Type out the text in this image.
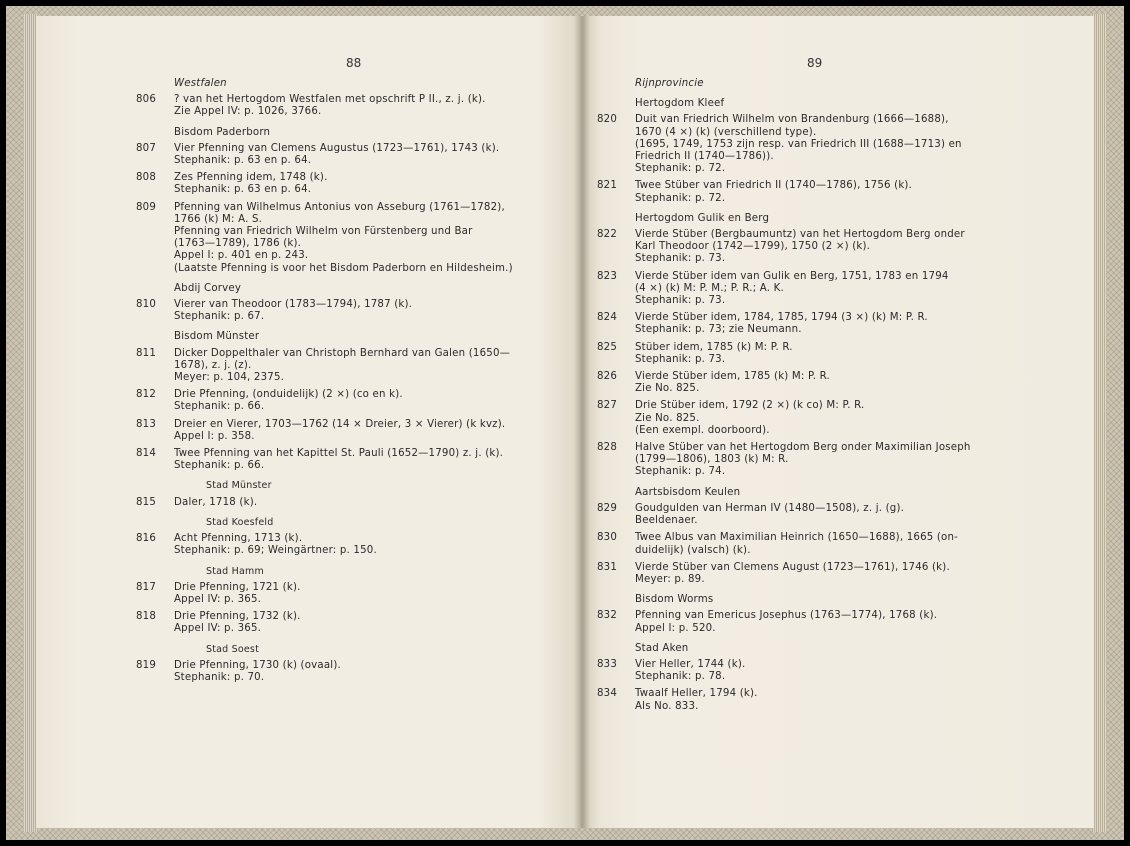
88	89
Westfalen
806	? van het Hertogdom Westfalen met opschrift P II., z. j. (k).
Zie Appel IV: p. 1026, 3766.
Bisdom Paderborn
807	Vier Pfenning van Clemens Augustus (1723—1761), 1743 (k).
Stephanik: p. 63 en p. 64.
808	Zes Pfenning idem, 1748 (k).
Stephanik: p. 63 en p. 64.
809	Pfenning van Wilhelmus Antonius von Asseburg (1761—1782),
1766 (k) M: A. S.
Pfenning van Friedrich Wilhelm von Fürstenberg und Bar
(1763—1789), 1786 (k).
Appel I: p. 401 en p. 243.
(Laatste Pfenning is voor het Bisdom Paderborn en Hildesheim.)
Abdij Corvey
810	Vierer van Theodoor (1783—1794), 1787 (k).
Stephanik: p. 67.
Bisdom Münster
811	Dicker Doppelthaler van Christoph Bernhard van Galen (1650—
1678), z. j. (z).
Meyer: p. 104, 2375.
812	Drie Pfenning, (onduidelijk) (2 ×) (co en k).
Stephanik: p. 66.
813	Dreier en Vierer, 1703—1762 (14 × Dreier, 3 × Vierer) (k kvz).
Appel I: p. 358.
814	Twee Pfenning van het Kapittel St. Pauli (1652—1790) z. j. (k).
Stephanik: p. 66.
Stad Münster
815	Daler, 1718 (k).
Stad Koesfeld
816	Acht Pfenning, 1713 (k).
Stephanik: p. 69; Weingärtner: p. 150.
Stad Hamm
817	Drie Pfenning, 1721 (k).
Appel IV: p. 365.
818	Drie Pfenning, 1732 (k).
Appel IV: p. 365.
Stad Soest
819	Drie Pfenning, 1730 (k) (ovaal).
Stephanik: p. 70.
Rijnprovincie
Hertogdom Kleef
820	Duit van Friedrich Wilhelm von Brandenburg (1666—1688),
1670 (4 ×) (k) (verschillend type).
(1695, 1749, 1753 zijn resp. van Friedrich III (1688—1713) en
Friedrich II (1740—1786)).
Stephanik: p. 72.
821	Twee Stüber van Friedrich II (1740—1786), 1756 (k).
Stephanik: p. 72.
Hertogdom Gulik en Berg
822	Vierde Stüber (Bergbaumuntz) van het Hertogdom Berg onder
Karl Theodoor (1742—1799), 1750 (2 ×) (k).
Stephanik: p. 73.
823	Vierde Stüber idem van Gulik en Berg, 1751, 1783 en 1794
(4 ×) (k) M: P. M.; P. R.; A. K.
Stephanik: p. 73.
824	Vierde Stüber idem, 1784, 1785, 1794 (3 ×) (k) M: P. R.
Stephanik: p. 73; zie Neumann.
825	Stüber idem, 1785 (k) M: P. R.
Stephanik: p. 73.
826	Vierde Stüber idem, 1785 (k) M: P. R.
Zie No. 825.
827	Drie Stüber idem, 1792 (2 ×) (k co) M: P. R.
Zie No. 825.
(Een exempl. doorboord).
828	Halve Stüber van het Hertogdom Berg onder Maximilian Joseph
(1799—1806), 1803 (k) M: R.
Stephanik: p. 74.
Aartsbisdom Keulen
829	Goudgulden van Herman IV (1480—1508), z. j. (g).
Beeldenaer.
830	Twee Albus van Maximilian Heinrich (1650—1688), 1665 (on-
duidelijk) (valsch) (k).
831	Vierde Stüber van Clemens August (1723—1761), 1746 (k).
Meyer: p. 89.
Bisdom Worms
832	Pfenning van Emericus Josephus (1763—1774), 1768 (k).
Appel I: p. 520.
Stad Aken
833	Vier Heller, 1744 (k).
Stephanik: p. 78.
834	Twaalf Heller, 1794 (k).
Als No. 833.
